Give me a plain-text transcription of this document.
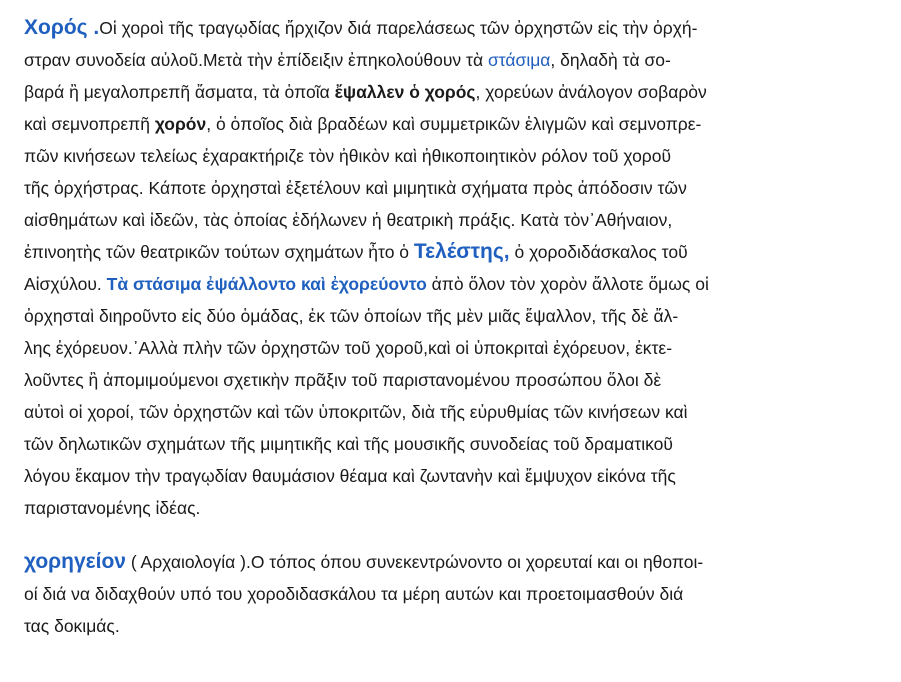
Χορός .Οἱ χοροὶ τῆς τραγῳδίας ἤρχιζον διά παρελάσεως τῶν ὀρχηστῶν εἰς τὴν ὀρχή-
στραν συνοδεία αὐλοῦ.Μετὰ τὴν ἐπίδειξιν ἐπηκολούθουν τὰ στάσιμα, δηλαδὴ τὰ σο-
βαρά ἢ μεγαλοπρεπῆ ἄσματα, τὰ ὁποῖα ἔψαλλεν ὁ χορός, χορεύων ἀνάλογον σοβαρὸν
καὶ σεμνοπρεπῆ χορόν, ὁ ὁποῖος διὰ βραδέων καὶ συμμετρικῶν ἑλιγμῶν καὶ σεμνοπρε-
πῶν κινήσεων τελείως ἐχαρακτήριζε τὸν ἠθικὸν καὶ ἠθικοποιητικὸν ρόλον τοῦ χοροῦ
τῆς ὀρχήστρας. Κάποτε ὀρχησταὶ ἐξετέλουν καὶ μιμητικὰ σχήματα πρὸς ἀπόδοσιν τῶν
αἰσθημάτων καὶ ἰδεῶν, τὰς ὁποίας ἐδήλωνεν ἡ θεατρικὴ πράξις. Κατὰ τὸν᾽Αθήναιον,
ἐπινοητὴς τῶν θεατρικῶν τούτων σχημάτων ἦτο ὁ Τελέστης, ὁ χοροδιδάσκαλος τοῦ
Αἰσχύλου. Τὰ στάσιμα ἐψάλλοντο καὶ ἐχορεύοντο ἀπὸ ὅλον τὸν χορὸν ἄλλοτε ὅμως οἱ
ὀρχησταὶ διηροῦντο εἰς δύο ὁμάδας, ἐκ τῶν ὁποίων τῆς μὲν μιᾶς ἔψαλλον, τῆς δὲ ἄλ-
λης ἐχόρευον.᾽Αλλὰ πλὴν τῶν ὀρχηστῶν τοῦ χοροῦ,καὶ οἱ ὑποκριταὶ ἐχόρευον, ἐκτε-
λοῦντες ἢ ἀπομιμούμενοι σχετικὴν πρᾶξιν τοῦ παριστανομένου προσώπου ὅλοι δὲ
αὐτοὶ οἱ χοροί, τῶν ὀρχηστῶν καὶ τῶν ὑποκριτῶν, διὰ τῆς εὐρυθμίας τῶν κινήσεων καὶ
τῶν δηλωτικῶν σχημάτων τῆς μιμητικῆς καὶ τῆς μουσικῆς συνοδείας τοῦ δραματικοῦ
λόγου ἔκαμον τὴν τραγῳδίαν θαυμάσιον θέαμα καὶ ζωντανὴν καὶ ἔμψυχον εἰκόνα τῆς
παριστανομένης ἰδέας.
χορηγείον ( Αρχαιολογία ).Ο τόπος όπου συνεκεντρώνοντο οι χορευταί και οι ηθοποι-
οί διά να διδαχθούν υπό του χοροδιδασκάλου τα μέρη αυτών και προετοιμασθούν διά
τας δοκιμάς.
